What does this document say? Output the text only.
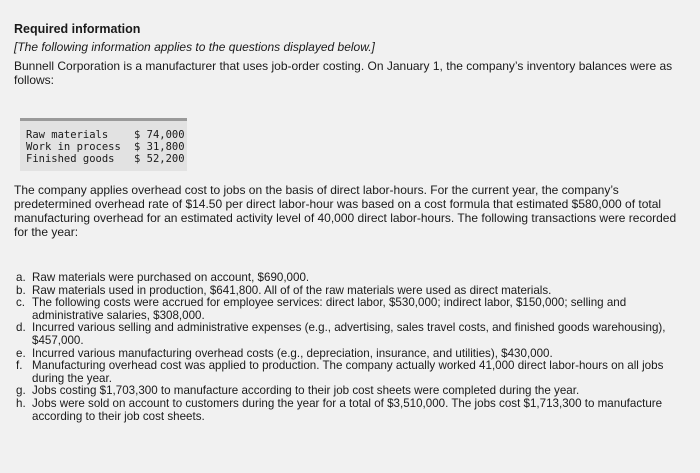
Required information
[The following information applies to the questions displayed below.]
Bunnell Corporation is a manufacturer that uses job-order costing. On January 1, the company’s inventory balances were as follows:
Raw materials $ 74,000
Work in process $ 31,800
Finished goods $ 52,200
The company applies overhead cost to jobs on the basis of direct labor-hours. For the current year, the company’s predetermined overhead rate of $14.50 per direct labor-hour was based on a cost formula that estimated $580,000 of total manufacturing overhead for an estimated activity level of 40,000 direct labor-hours. The following transactions were recorded for the year:
a. Raw materials were purchased on account, $690,000.
b. Raw materials used in production, $641,800. All of of the raw materials were used as direct materials.
c. The following costs were accrued for employee services: direct labor, $530,000; indirect labor, $150,000; selling and administrative salaries, $308,000.
d. Incurred various selling and administrative expenses (e.g., advertising, sales travel costs, and finished goods warehousing), $457,000.
e. Incurred various manufacturing overhead costs (e.g., depreciation, insurance, and utilities), $430,000.
f. Manufacturing overhead cost was applied to production. The company actually worked 41,000 direct labor-hours on all jobs during the year.
g. Jobs costing $1,703,300 to manufacture according to their job cost sheets were completed during the year.
h. Jobs were sold on account to customers during the year for a total of $3,510,000. The jobs cost $1,713,300 to manufacture according to their job cost sheets.
